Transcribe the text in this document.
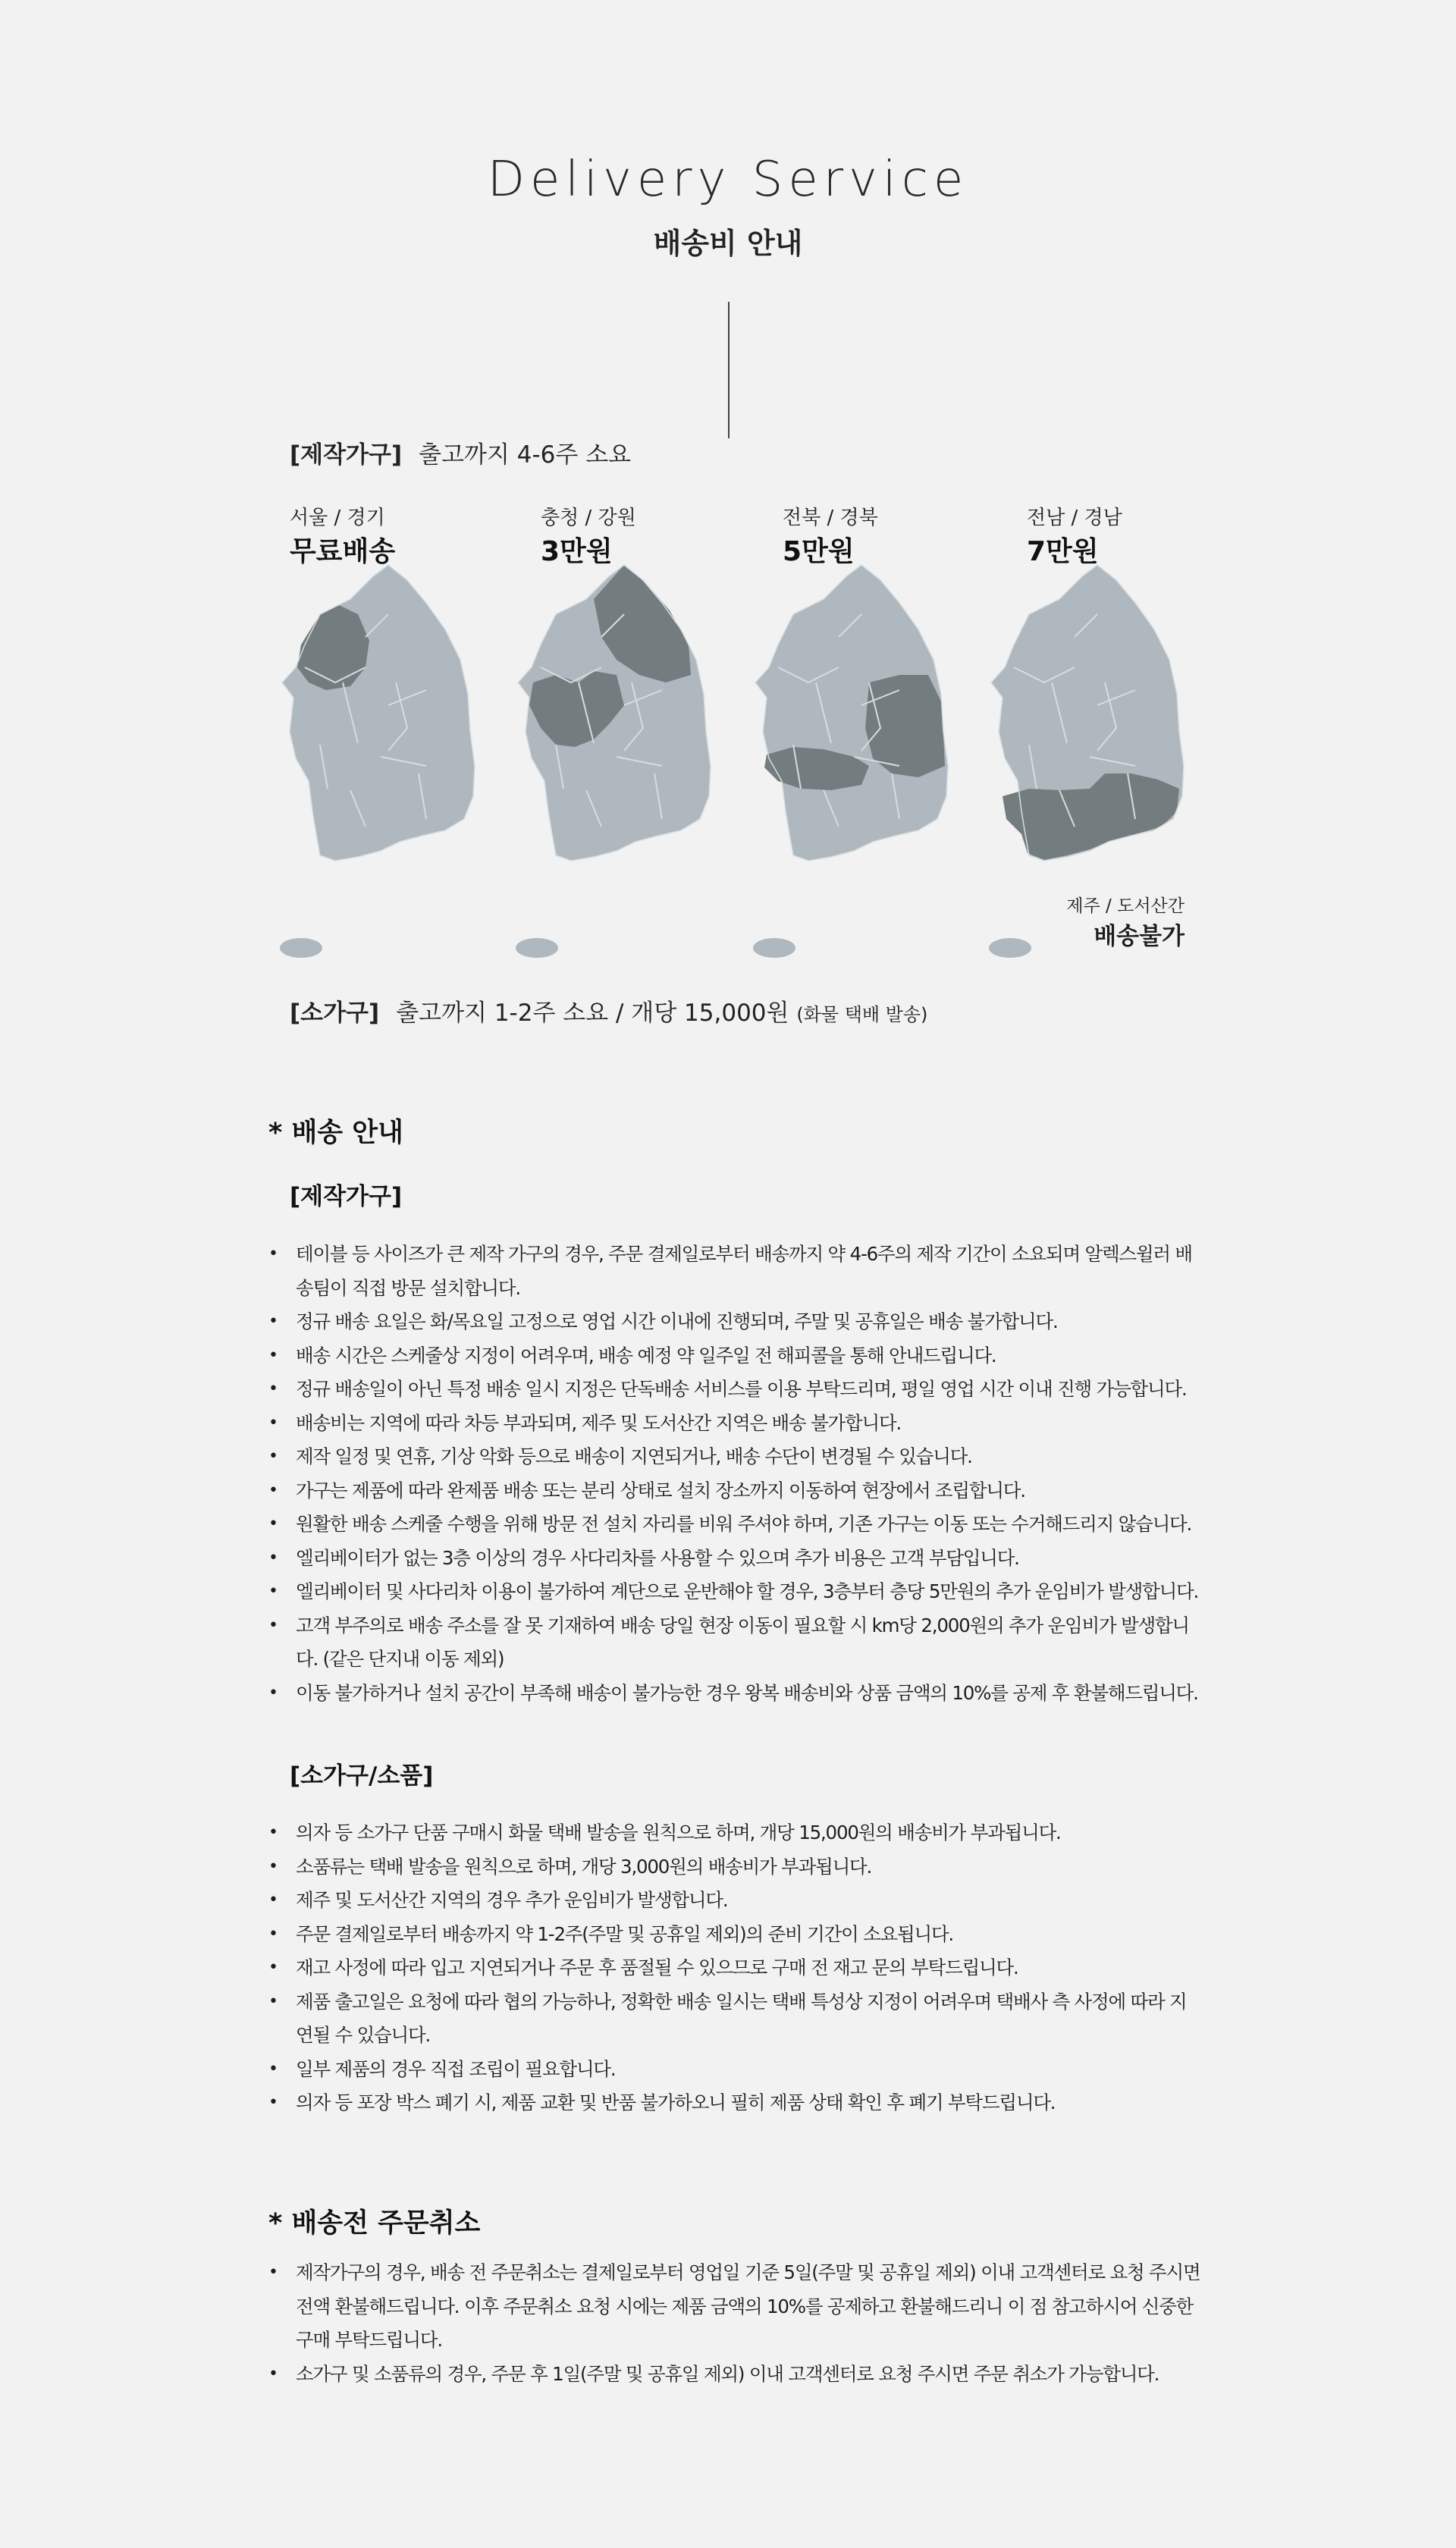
Delivery Service
배송비 안내
[제작가구] 출고까지 4-6주 소요
서울 / 경기
무료배송
충청 / 강원
3만원
전북 / 경북
5만원
전남 / 경남
7만원
제주 / 도서산간
배송불가
[소가구] 출고까지 1-2주 소요 / 개당 15,000원 (화물 택배 발송)
* 배송 안내
[제작가구]
• 테이블 등 사이즈가 큰 제작 가구의 경우, 주문 결제일로부터 배송까지 약 4-6주의 제작 기간이 소요되며 알렉스윌러 배송팀이 직접 방문 설치합니다.
• 정규 배송 요일은 화/목요일 고정으로 영업 시간 이내에 진행되며, 주말 및 공휴일은 배송 불가합니다.
• 배송 시간은 스케줄상 지정이 어려우며, 배송 예정 약 일주일 전 해피콜을 통해 안내드립니다.
• 정규 배송일이 아닌 특정 배송 일시 지정은 단독배송 서비스를 이용 부탁드리며, 평일 영업 시간 이내 진행 가능합니다.
• 배송비는 지역에 따라 차등 부과되며, 제주 및 도서산간 지역은 배송 불가합니다.
• 제작 일정 및 연휴, 기상 악화 등으로 배송이 지연되거나, 배송 수단이 변경될 수 있습니다.
• 가구는 제품에 따라 완제품 배송 또는 분리 상태로 설치 장소까지 이동하여 현장에서 조립합니다.
• 원활한 배송 스케줄 수행을 위해 방문 전 설치 자리를 비워 주셔야 하며, 기존 가구는 이동 또는 수거해드리지 않습니다.
• 엘리베이터가 없는 3층 이상의 경우 사다리차를 사용할 수 있으며 추가 비용은 고객 부담입니다.
• 엘리베이터 및 사다리차 이용이 불가하여 계단으로 운반해야 할 경우, 3층부터 층당 5만원의 추가 운임비가 발생합니다.
• 고객 부주의로 배송 주소를 잘 못 기재하여 배송 당일 현장 이동이 필요할 시 km당 2,000원의 추가 운임비가 발생합니다. (같은 단지내 이동 제외)
• 이동 불가하거나 설치 공간이 부족해 배송이 불가능한 경우 왕복 배송비와 상품 금액의 10%를 공제 후 환불해드립니다.
[소가구/소품]
• 의자 등 소가구 단품 구매시 화물 택배 발송을 원칙으로 하며, 개당 15,000원의 배송비가 부과됩니다.
• 소품류는 택배 발송을 원칙으로 하며, 개당 3,000원의 배송비가 부과됩니다.
• 제주 및 도서산간 지역의 경우 추가 운임비가 발생합니다.
• 주문 결제일로부터 배송까지 약 1-2주(주말 및 공휴일 제외)의 준비 기간이 소요됩니다.
• 재고 사정에 따라 입고 지연되거나 주문 후 품절될 수 있으므로 구매 전 재고 문의 부탁드립니다.
• 제품 출고일은 요청에 따라 협의 가능하나, 정확한 배송 일시는 택배 특성상 지정이 어려우며 택배사 측 사정에 따라 지연될 수 있습니다.
• 일부 제품의 경우 직접 조립이 필요합니다.
• 의자 등 포장 박스 폐기 시, 제품 교환 및 반품 불가하오니 필히 제품 상태 확인 후 폐기 부탁드립니다.
* 배송전 주문취소
• 제작가구의 경우, 배송 전 주문취소는 결제일로부터 영업일 기준 5일(주말 및 공휴일 제외) 이내 고객센터로 요청 주시면 전액 환불해드립니다. 이후 주문취소 요청 시에는 제품 금액의 10%를 공제하고 환불해드리니 이 점 참고하시어 신중한 구매 부탁드립니다.
• 소가구 및 소품류의 경우, 주문 후 1일(주말 및 공휴일 제외) 이내 고객센터로 요청 주시면 주문 취소가 가능합니다.
